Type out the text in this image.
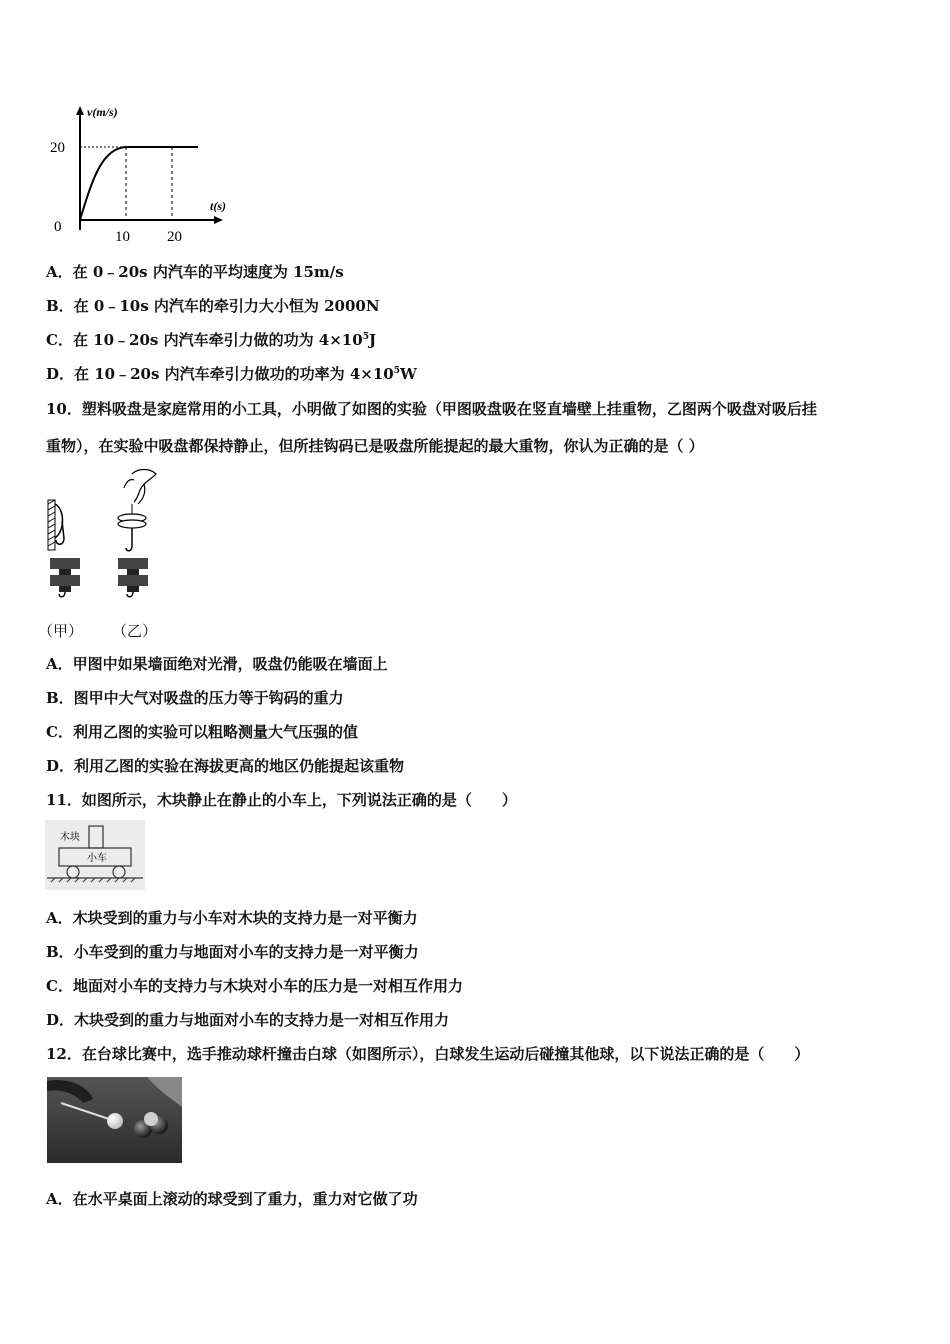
v(m/s)
t(s)
20
0
10 20
A．在 0﹣20s 内汽车的平均速度为 15m/s
B．在 0﹣10s 内汽车的牵引力大小恒为 2000N
C．在 10﹣20s 内汽车牵引力做的功为 $4\times 10^5J$
D．在 10﹣20s 内汽车牵引力做功的功率为 $4\times 10^5W$
10．塑料吸盘是家庭常用的小工具，小明做了如图的实验（甲图吸盘吸在竖直墙壁上挂重物，乙图两个吸盘对吸后挂
重物），在实验中吸盘都保持静止，但所挂钩码已是吸盘所能提起的最大重物，你认为正确的是（ ）
（甲） （乙）
A．甲图中如果墙面绝对光滑，吸盘仍能吸在墙面上
B．图甲中大气对吸盘的压力等于钩码的重力
C．利用乙图的实验可以粗略测量大气压强的值
D．利用乙图的实验在海拔更高的地区仍能提起该重物
11．如图所示，木块静止在静止的小车上，下列说法正确的是（　　）
木块
小车
A．木块受到的重力与小车对木块的支持力是一对平衡力
B．小车受到的重力与地面对小车的支持力是一对平衡力
C．地面对小车的支持力与木块对小车的压力是一对相互作用力
D．木块受到的重力与地面对小车的支持力是一对相互作用力
12．在台球比赛中，选手推动球杆撞击白球（如图所示），白球发生运动后碰撞其他球，以下说法正确的是（　　）
A．在水平桌面上滚动的球受到了重力，重力对它做了功
